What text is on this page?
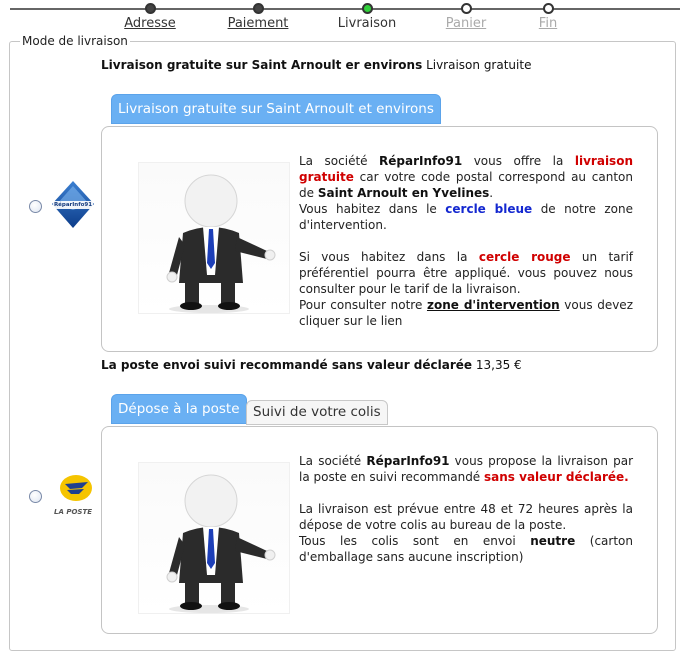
Adresse	Paiement	Livraison	Panier	Fin
Mode de livraison
Livraison gratuite sur Saint Arnoult er environs Livraison gratuite
Livraison gratuite sur Saint Arnoult et environs
RéparInfo91

La société RéparInfo91 vous offre la livraison gratuite car votre code postal correspond au canton de Saint Arnoult en Yvelines.

Vous habitez dans le cercle bleue de notre zone d'intervention.

Si vous habitez dans la cercle rouge un tarif préférentiel pourra être appliqué. vous pouvez nous consulter pour le tarif de la livraison.

Pour consulter notre zone d'intervention vous devez cliquer sur le lien

La poste envoi suivi recommandé sans valeur déclarée 13,35 €
Dépose à la poste	Suivi de votre colis
LA POSTE

La société RéparInfo91 vous propose la livraison par la poste en suivi recommandé sans valeur déclarée.

La livraison est prévue entre 48 et 72 heures après la dépose de votre colis au bureau de la poste.

Tous les colis sont en envoi neutre (carton d'emballage sans aucune inscription)
